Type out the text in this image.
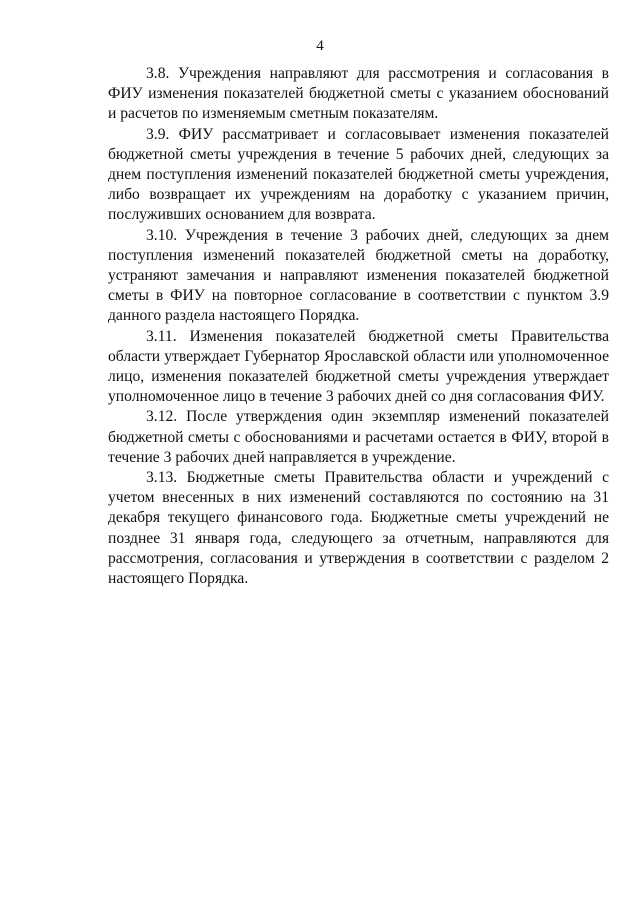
4

3.8. Учреждения направляют для рассмотрения и согласования в ФИУ изменения показателей бюджетной сметы с указанием обоснований и расчетов по изменяемым сметным показателям.

3.9. ФИУ рассматривает и согласовывает изменения показателей бюджетной сметы учреждения в течение 5 рабочих дней, следующих за днем поступления изменений показателей бюджетной сметы учреждения, либо возвращает их учреждениям на доработку с указанием причин, послуживших основанием для возврата.

3.10. Учреждения в течение 3 рабочих дней, следующих за днем поступления изменений показателей бюджетной сметы на доработку, устраняют замечания и направляют изменения показателей бюджетной сметы в ФИУ на повторное согласование в соответствии с пунктом 3.9 данного раздела настоящего Порядка.

3.11. Изменения показателей бюджетной сметы Правительства области утверждает Губернатор Ярославской области или уполномоченное лицо, изменения показателей бюджетной сметы учреждения утверждает уполномоченное лицо в течение 3 рабочих дней со дня согласования ФИУ.

3.12. После утверждения один экземпляр изменений показателей бюджетной сметы с обоснованиями и расчетами остается в ФИУ, второй в течение 3 рабочих дней направляется в учреждение.

3.13. Бюджетные сметы Правительства области и учреждений с учетом внесенных в них изменений составляются по состоянию на 31 декабря текущего финансового года. Бюджетные сметы учреждений не позднее 31 января года, следующего за отчетным, направляются для рассмотрения, согласования и утверждения в соответствии с разделом 2 настоящего Порядка.
